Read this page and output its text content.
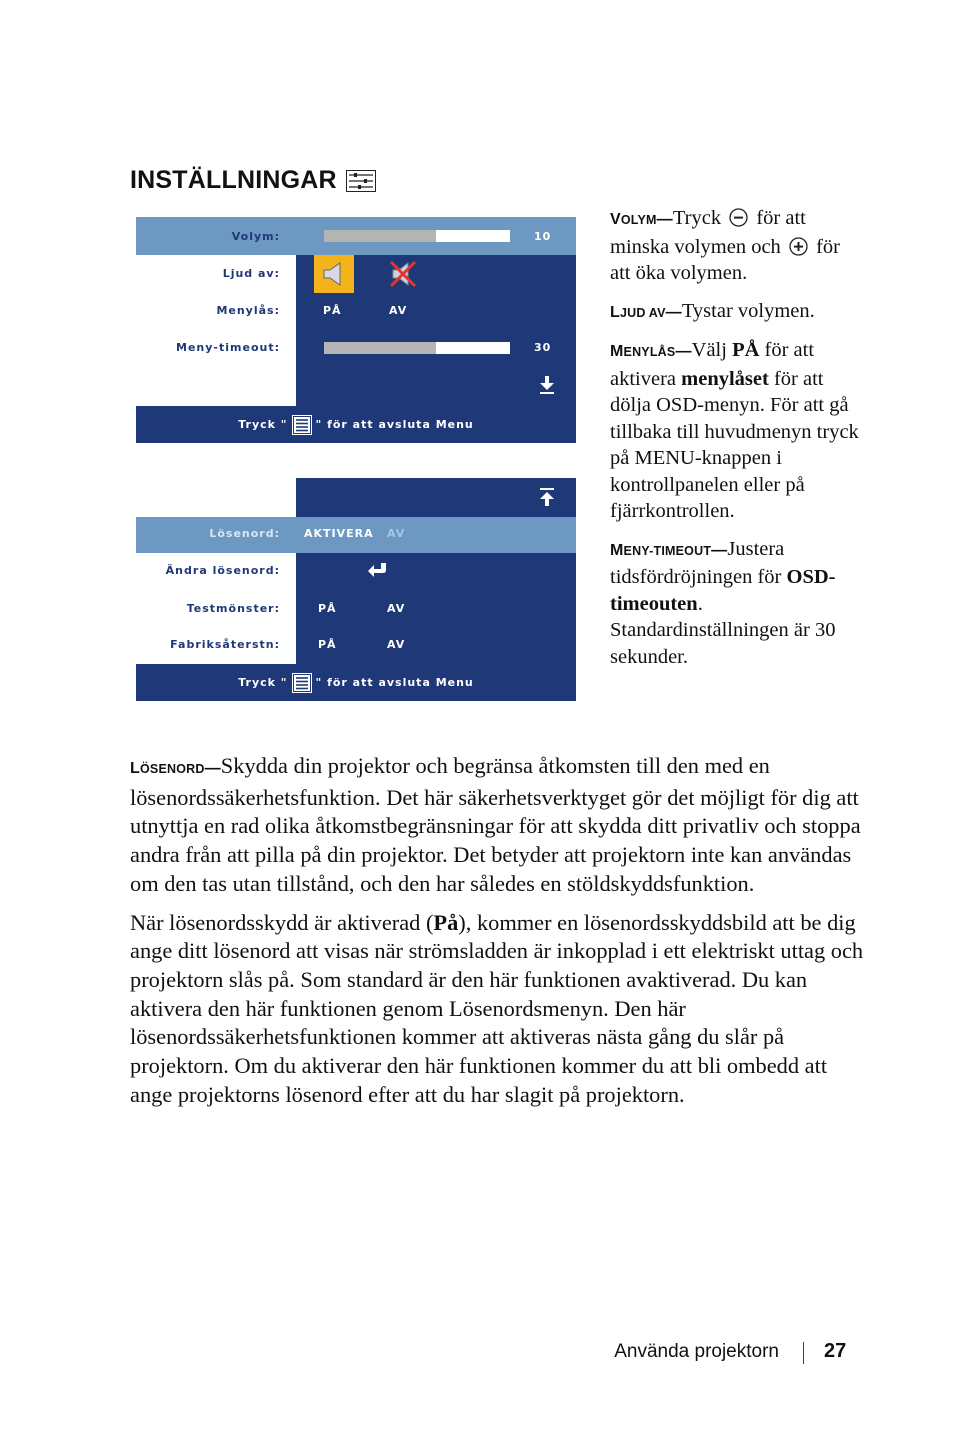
INSTÄLLNINGAR
Volym:	10
Ljud av:
Menylås:	PÅ	AV
Meny-timeout:	30
Tryck "	" för att avsluta Menu
Lösenord: AKTIVERA AV
Ändra lösenord:
Testmönster:	PÅ	AV
Fabriksåterstn:	PÅ	AV
Tryck "	" för att avsluta Menu

VOLYM—Tryck för att minska volymen och för att öka volymen.

LJUD AV—Tystar volymen.

MENYLÅS—Välj PÅ för att aktivera menylåset för att dölja OSD-menyn. För att gå tillbaka till huvudmenyn tryck på MENU-knappen i kontrollpanelen eller på fjärrkontrollen.

MENY-TIMEOUT—Justera tidsfördröjningen för OSD-timeouten. Standardinställningen är 30 sekunder.

LÖSENORD—Skydda din projektor och begränsa åtkomsten till den med en lösenordssäkerhetsfunktion. Det här säkerhetsverktyget gör det möjligt för dig att utnyttja en rad olika åtkomstbegränsningar för att skydda ditt privatliv och stoppa andra från att pilla på din projektor. Det betyder att projektorn inte kan användas om den tas utan tillstånd, och den har således en stöldskyddsfunktion.

När lösenordsskydd är aktiverad (På), kommer en lösenordsskyddsbild att be dig ange ditt lösenord att visas när strömsladden är inkopplad i ett elektriskt uttag och projektorn slås på. Som standard är den här funktionen avaktiverad. Du kan aktivera den här funktionen genom Lösenordsmenyn. Den här lösenordssäkerhetsfunktionen kommer att aktiveras nästa gång du slår på projektorn. Om du aktiverar den här funktionen kommer du att bli ombedd att ange projektorns lösenord efter att du har slagit på projektorn.

Använda projektorn 27
